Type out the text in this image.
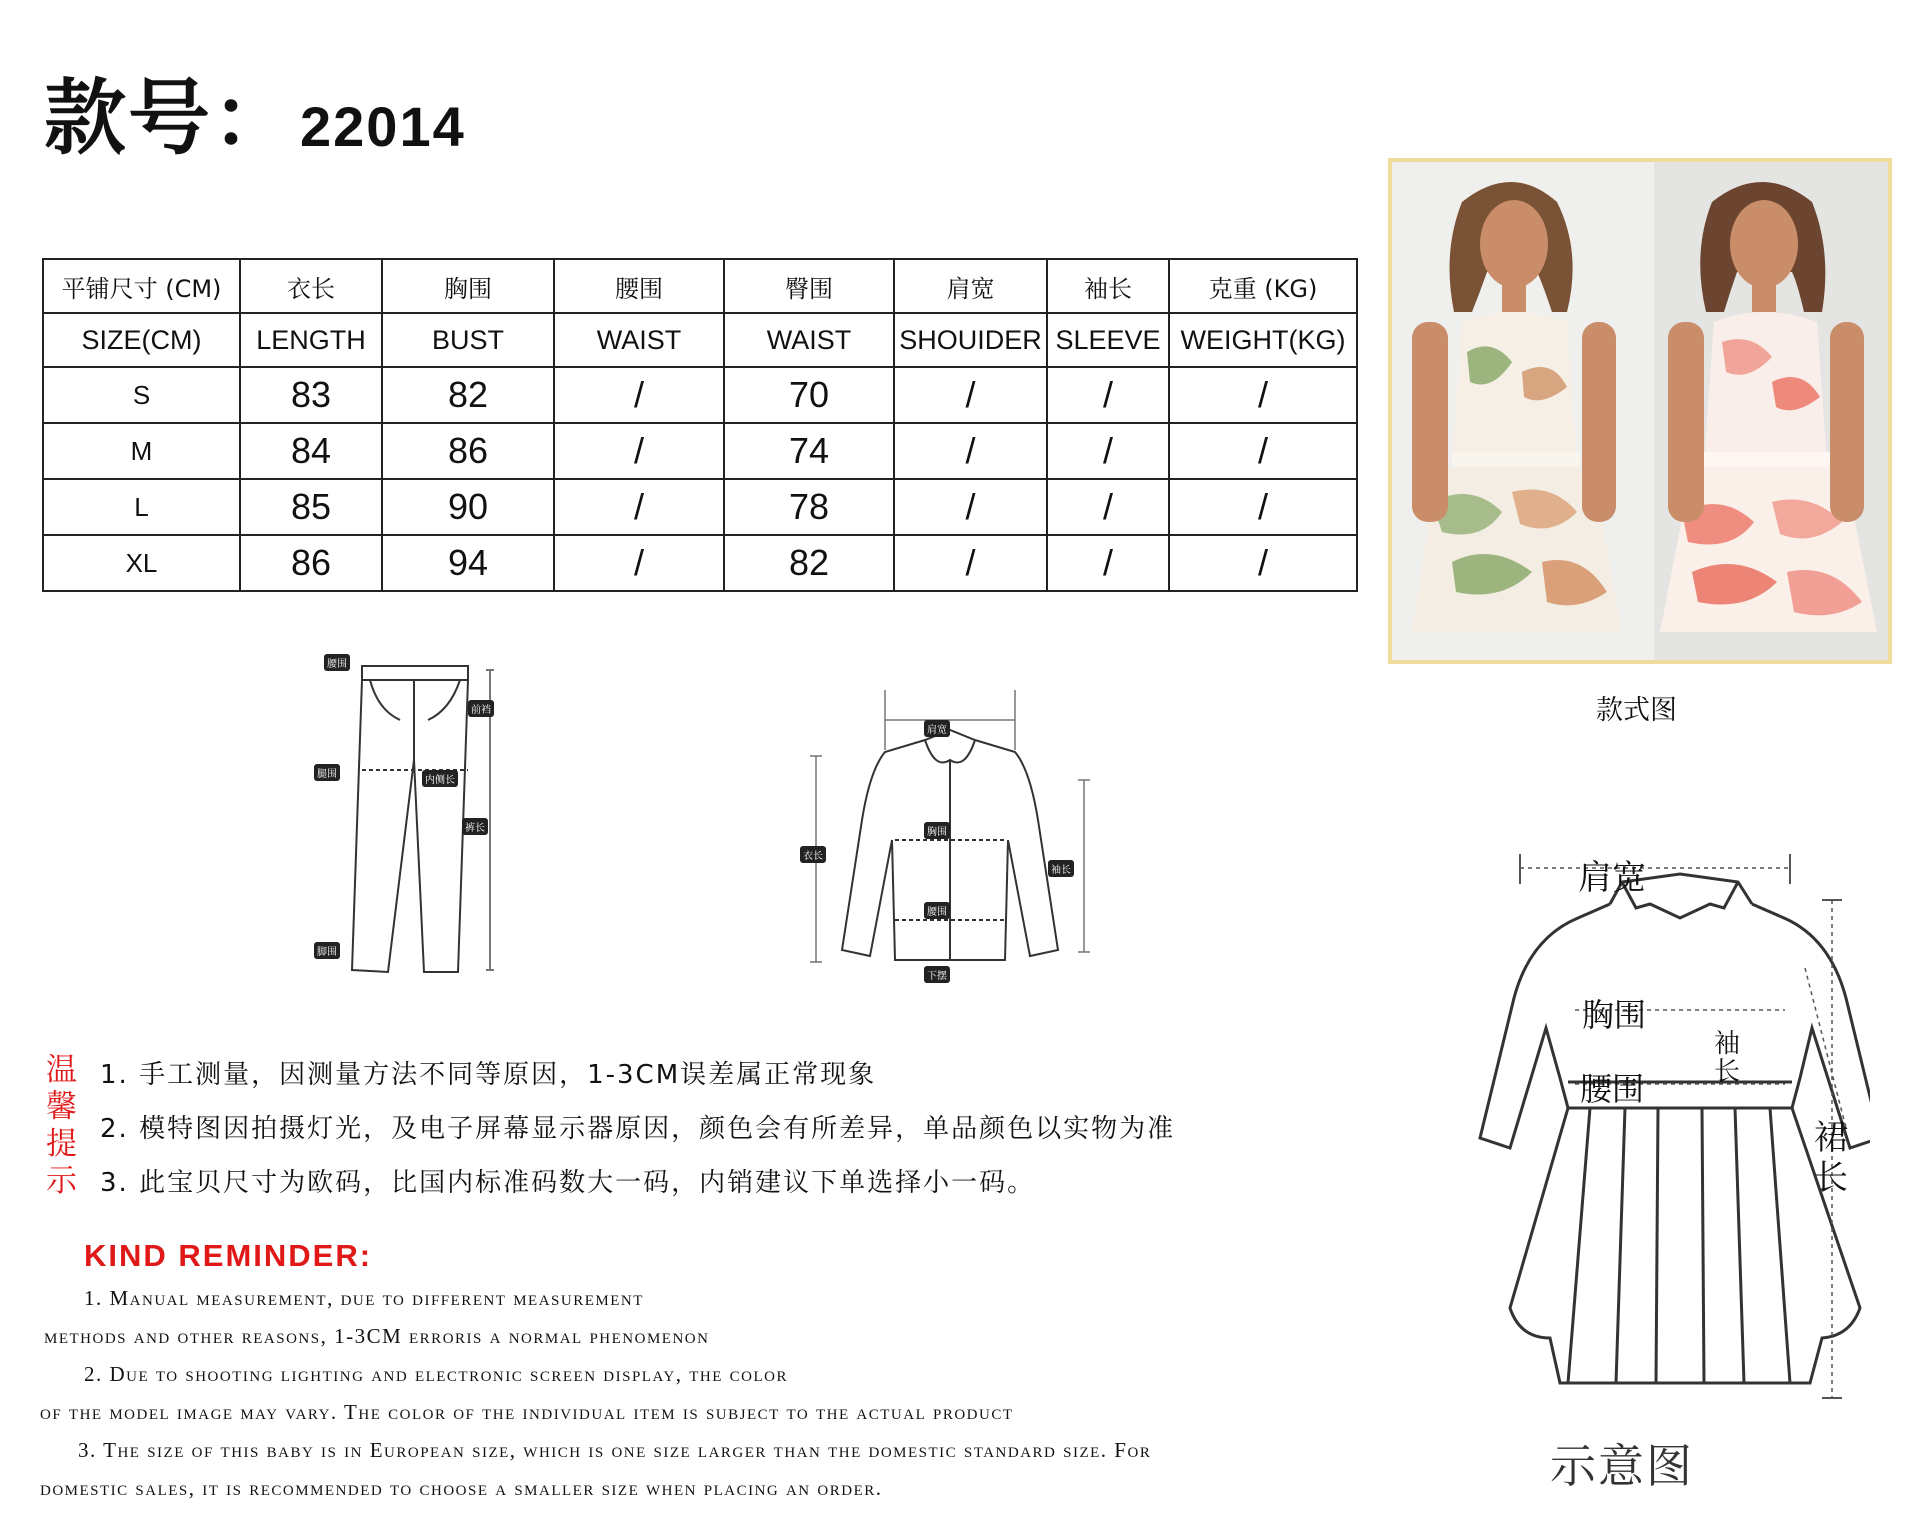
款号：22014
平铺尺寸 (CM)	衣长	胸围	腰围	臀围	肩宽	袖长	克重 (KG)
SIZE(CM)	LENGTH	BUST	WAIST	WAIST	SHOUIDER	SLEEVE	WEIGHT(KG)
S	83	82	/	70	/	/	/
M	84	86	/	74	/	/	/
L	85	90	/	78	/	/	/
XL	86	94	/	82	/	/	/
款式图
腰围
前裆
腿围
内侧长
裤长
脚围
肩宽
胸围
衣长
袖长
腰围
下摆
温
馨
提
示
1. 手工测量，因测量方法不同等原因，1-3CM误差属正常现象
2. 模特图因拍摄灯光，及电子屏幕显示器原因，颜色会有所差异，单品颜色以实物为准
3. 此宝贝尺寸为欧码，比国内标准码数大一码，内销建议下单选择小一码。
KIND REMINDER:
1. Manual measurement, due to different measurement
methods and other reasons, 1-3CM erroris a normal phenomenon
2. Due to shooting lighting and electronic screen display, the color
of the model image may vary. The color of the individual item is subject to the actual product
3. The size of this baby is in European size, which is one size larger than the domestic standard size. For
domestic sales, it is recommended to choose a smaller size when placing an order.
肩宽
胸围
腰围
袖长
裙长
示意图
